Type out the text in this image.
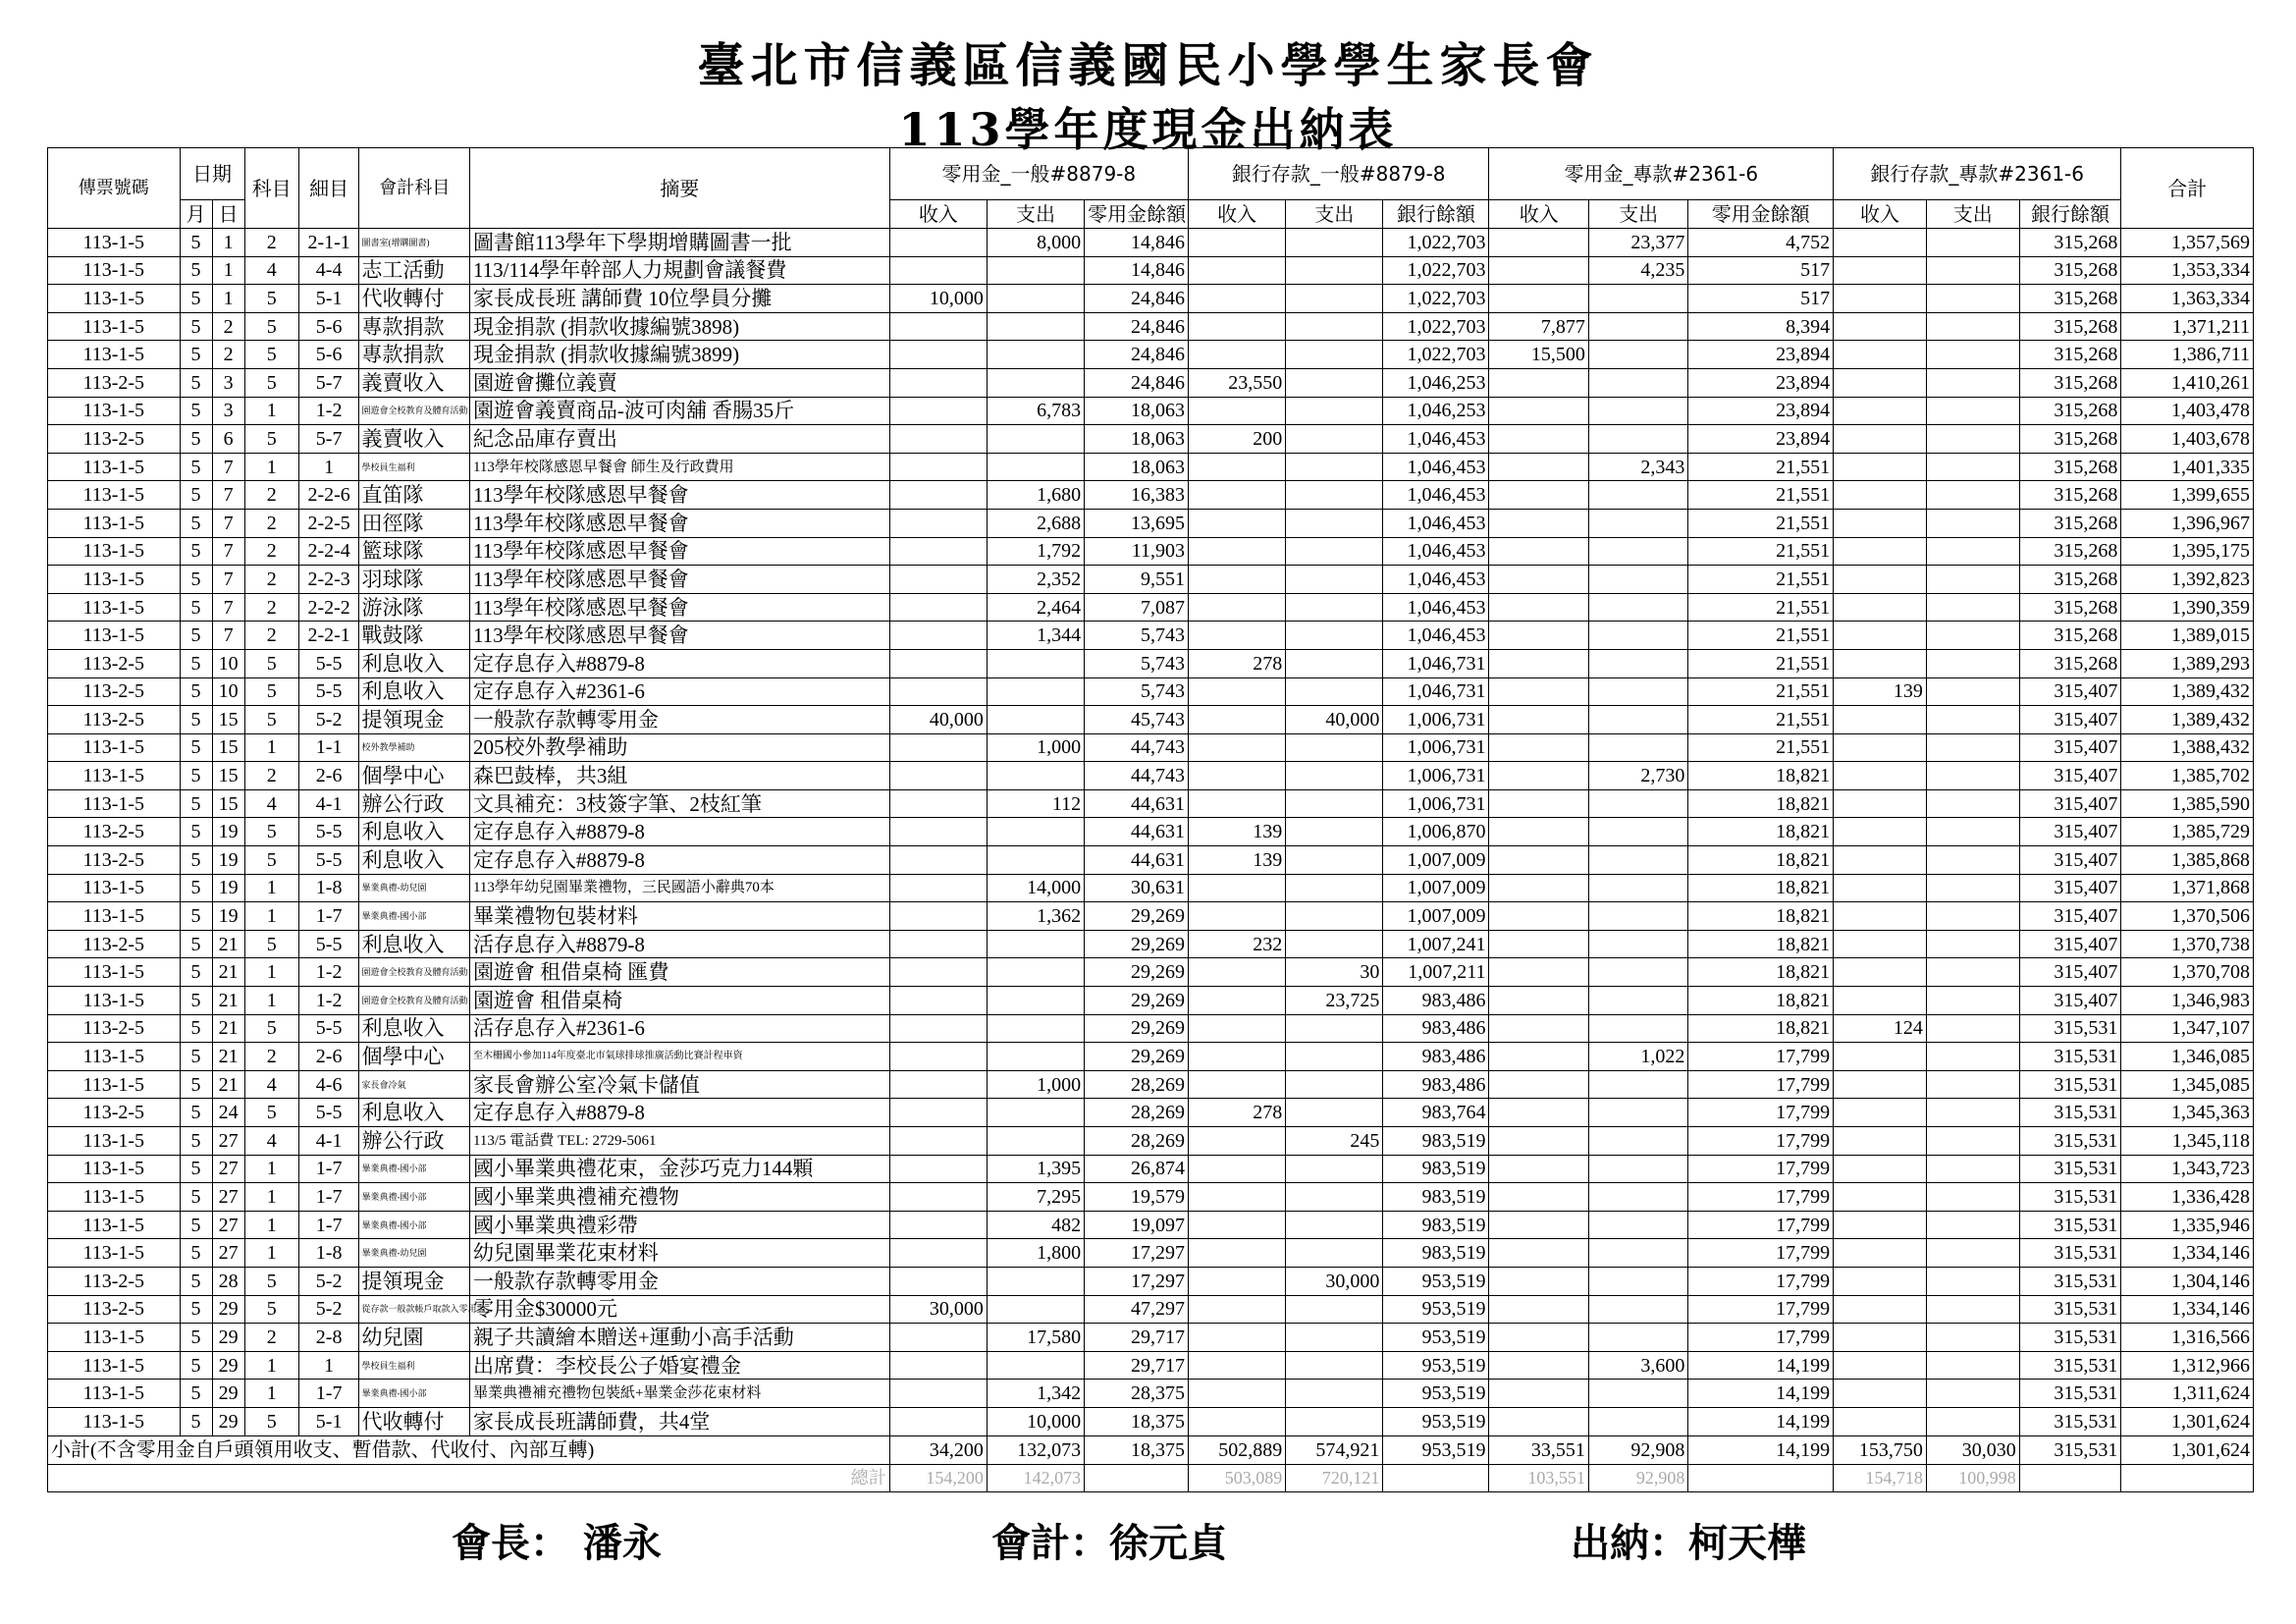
臺北市信義區信義國民小學學生家長會
113學年度現金出納表
傳票號碼	日期		科目	細目	會計科目	摘要	零用金_一般#8879-8			銀行存款_一般#8879-8			零用金_專款#2361-6			銀行存款_專款#2361-6			合計
	月	日					收入	支出	零用金餘額	收入	支出	銀行餘額	收入	支出	零用金餘額	收入	支出	銀行餘額	
113-1-5	5	1	2	2-1-1	圖書室(增購圖書)	圖書館113學年下學期增購圖書一批		8,000	14,846			1,022,703		23,377	4,752			315,268	1,357,569
113-1-5	5	1	4	4-4	志工活動	113/114學年幹部人力規劃會議餐費			14,846			1,022,703		4,235	517			315,268	1,353,334
113-1-5	5	1	5	5-1	代收轉付	家長成長班 講師費 10位學員分攤	10,000		24,846			1,022,703			517			315,268	1,363,334
113-1-5	5	2	5	5-6	專款捐款	現金捐款 (捐款收據編號3898)			24,846			1,022,703	7,877		8,394			315,268	1,371,211
113-1-5	5	2	5	5-6	專款捐款	現金捐款 (捐款收據編號3899)			24,846			1,022,703	15,500		23,894			315,268	1,386,711
113-2-5	5	3	5	5-7	義賣收入	園遊會攤位義賣			24,846	23,550		1,046,253			23,894			315,268	1,410,261
113-1-5	5	3	1	1-2	園遊會全校教育及體育活動	園遊會義賣商品-波可肉舖 香腸35斤		6,783	18,063			1,046,253			23,894			315,268	1,403,478
113-2-5	5	6	5	5-7	義賣收入	紀念品庫存賣出			18,063	200		1,046,453			23,894			315,268	1,403,678
113-1-5	5	7	1	1	學校員生福利	113學年校隊感恩早餐會 師生及行政費用			18,063			1,046,453		2,343	21,551			315,268	1,401,335
113-1-5	5	7	2	2-2-6	直笛隊	113學年校隊感恩早餐會		1,680	16,383			1,046,453			21,551			315,268	1,399,655
113-1-5	5	7	2	2-2-5	田徑隊	113學年校隊感恩早餐會		2,688	13,695			1,046,453			21,551			315,268	1,396,967
113-1-5	5	7	2	2-2-4	籃球隊	113學年校隊感恩早餐會		1,792	11,903			1,046,453			21,551			315,268	1,395,175
113-1-5	5	7	2	2-2-3	羽球隊	113學年校隊感恩早餐會		2,352	9,551			1,046,453			21,551			315,268	1,392,823
113-1-5	5	7	2	2-2-2	游泳隊	113學年校隊感恩早餐會		2,464	7,087			1,046,453			21,551			315,268	1,390,359
113-1-5	5	7	2	2-2-1	戰鼓隊	113學年校隊感恩早餐會		1,344	5,743			1,046,453			21,551			315,268	1,389,015
113-2-5	5	10	5	5-5	利息收入	定存息存入#8879-8			5,743	278		1,046,731			21,551			315,268	1,389,293
113-2-5	5	10	5	5-5	利息收入	定存息存入#2361-6			5,743			1,046,731			21,551	139		315,407	1,389,432
113-2-5	5	15	5	5-2	提領現金	一般款存款轉零用金	40,000		45,743		40,000	1,006,731			21,551			315,407	1,389,432
113-1-5	5	15	1	1-1	校外教學補助	205校外教學補助		1,000	44,743			1,006,731			21,551			315,407	1,388,432
113-1-5	5	15	2	2-6	個學中心	森巴鼓棒，共3組			44,743			1,006,731		2,730	18,821			315,407	1,385,702
113-1-5	5	15	4	4-1	辦公行政	文具補充：3枝簽字筆、2枝紅筆		112	44,631			1,006,731			18,821			315,407	1,385,590
113-2-5	5	19	5	5-5	利息收入	定存息存入#8879-8			44,631	139		1,006,870			18,821			315,407	1,385,729
113-2-5	5	19	5	5-5	利息收入	定存息存入#8879-8			44,631	139		1,007,009			18,821			315,407	1,385,868
113-1-5	5	19	1	1-8	畢業典禮-幼兒園	113學年幼兒園畢業禮物，三民國語小辭典70本		14,000	30,631			1,007,009			18,821			315,407	1,371,868
113-1-5	5	19	1	1-7	畢業典禮-國小部	畢業禮物包裝材料		1,362	29,269			1,007,009			18,821			315,407	1,370,506
113-2-5	5	21	5	5-5	利息收入	活存息存入#8879-8			29,269	232		1,007,241			18,821			315,407	1,370,738
113-1-5	5	21	1	1-2	園遊會全校教育及體育活動	園遊會 租借桌椅 匯費			29,269		30	1,007,211			18,821			315,407	1,370,708
113-1-5	5	21	1	1-2	園遊會全校教育及體育活動	園遊會 租借桌椅			29,269		23,725	983,486			18,821			315,407	1,346,983
113-2-5	5	21	5	5-5	利息收入	活存息存入#2361-6			29,269			983,486			18,821	124		315,531	1,347,107
113-1-5	5	21	2	2-6	個學中心	至木柵國小參加114年度臺北市氣球排球推廣活動比賽計程車資			29,269			983,486		1,022	17,799			315,531	1,346,085
113-1-5	5	21	4	4-6	家長會冷氣	家長會辦公室冷氣卡儲值		1,000	28,269			983,486			17,799			315,531	1,345,085
113-2-5	5	24	5	5-5	利息收入	定存息存入#8879-8			28,269	278		983,764			17,799			315,531	1,345,363
113-1-5	5	27	4	4-1	辦公行政	113/5 電話費 TEL: 2729-5061			28,269		245	983,519			17,799			315,531	1,345,118
113-1-5	5	27	1	1-7	畢業典禮-國小部	國小畢業典禮花束，金莎巧克力144顆		1,395	26,874			983,519			17,799			315,531	1,343,723
113-1-5	5	27	1	1-7	畢業典禮-國小部	國小畢業典禮補充禮物		7,295	19,579			983,519			17,799			315,531	1,336,428
113-1-5	5	27	1	1-7	畢業典禮-國小部	國小畢業典禮彩帶		482	19,097			983,519			17,799			315,531	1,335,946
113-1-5	5	27	1	1-8	畢業典禮-幼兒園	幼兒園畢業花束材料		1,800	17,297			983,519			17,799			315,531	1,334,146
113-2-5	5	28	5	5-2	提領現金	一般款存款轉零用金			17,297		30,000	953,519			17,799			315,531	1,304,146
113-2-5	5	29	5	5-2	從存款一般款帳戶取款入零用金	零用金$30000元	30,000		47,297			953,519			17,799			315,531	1,334,146
113-1-5	5	29	2	2-8	幼兒園	親子共讀繪本贈送+運動小高手活動		17,580	29,717			953,519			17,799			315,531	1,316,566
113-1-5	5	29	1	1	學校員生福利	出席費：李校長公子婚宴禮金			29,717			953,519		3,600	14,199			315,531	1,312,966
113-1-5	5	29	1	1-7	畢業典禮-國小部	畢業典禮補充禮物包裝紙+畢業金莎花束材料		1,342	28,375			953,519			14,199			315,531	1,311,624
113-1-5	5	29	5	5-1	代收轉付	家長成長班講師費，共4堂		10,000	18,375			953,519			14,199			315,531	1,301,624
小計(不含零用金自戶頭領用收支、暫借款、代收付、內部互轉)							34,200	132,073	18,375	502,889	574,921	953,519	33,551	92,908	14,199	153,750	30,030	315,531	1,301,624
總計							154,200	142,073		503,089	720,121		103,551	92,908		154,718	100,998		
會長： 潘永	會計：徐元貞	出納：柯天樺
